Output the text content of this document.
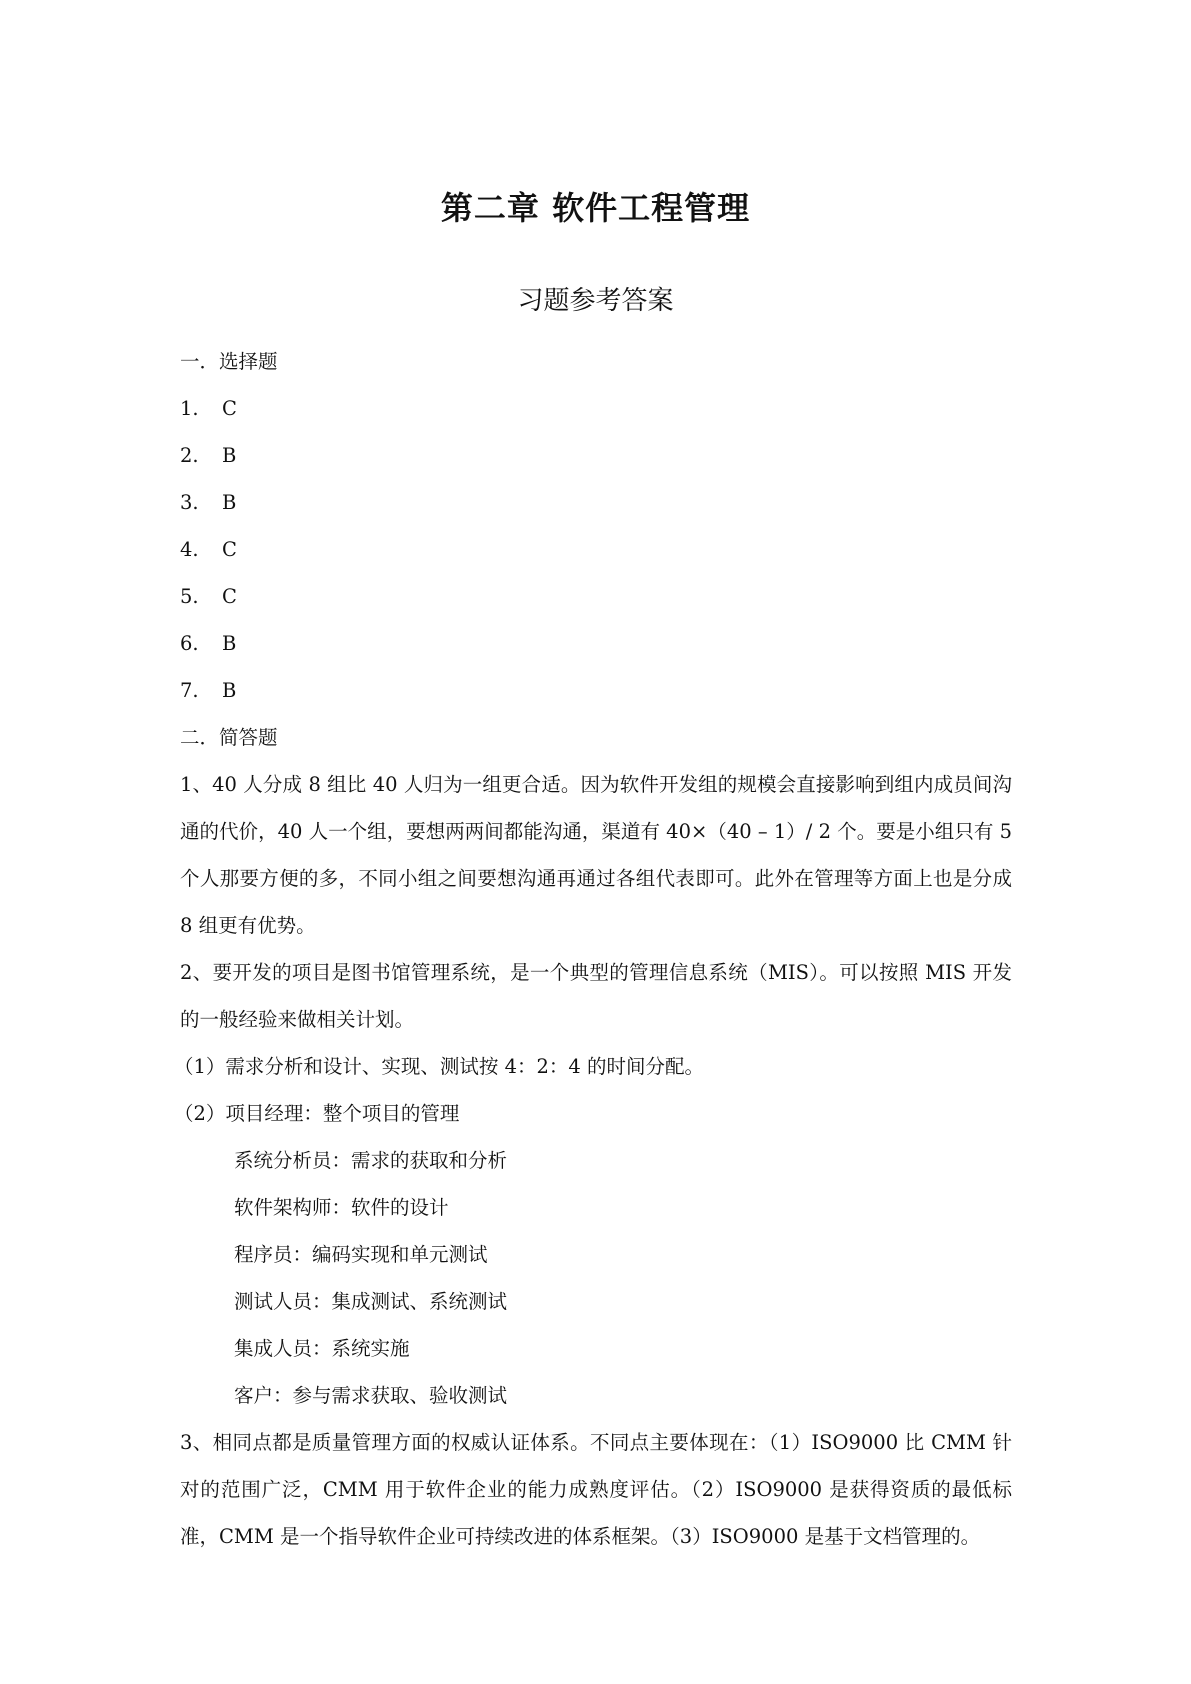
第二章 软件工程管理
习题参考答案
一．选择题
1. C
2. B
3. B
4. C
5. C
6. B
7. B
二．简答题
1、40 人分成 8 组比 40 人归为一组更合适。因为软件开发组的规模会直接影响到组内成员间沟通的代价，40 人一个组，要想两两间都能沟通，渠道有 40×（40 – 1）/ 2 个。要是小组只有 5 个人那要方便的多，不同小组之间要想沟通再通过各组代表即可。此外在管理等方面上也是分成 8 组更有优势。
2、要开发的项目是图书馆管理系统，是一个典型的管理信息系统（MIS）。可以按照 MIS 开发的一般经验来做相关计划。
（1）需求分析和设计、实现、测试按 4：2：4 的时间分配。
（2）项目经理：整个项目的管理
系统分析员：需求的获取和分析
软件架构师：软件的设计
程序员：编码实现和单元测试
测试人员：集成测试、系统测试
集成人员：系统实施
客户：参与需求获取、验收测试
3、相同点都是质量管理方面的权威认证体系。不同点主要体现在：（1）ISO9000 比 CMM 针对的范围广泛，CMM 用于软件企业的能力成熟度评估。（2）ISO9000 是获得资质的最低标准，CMM 是一个指导软件企业可持续改进的体系框架。（3）ISO9000 是基于文档管理的。
